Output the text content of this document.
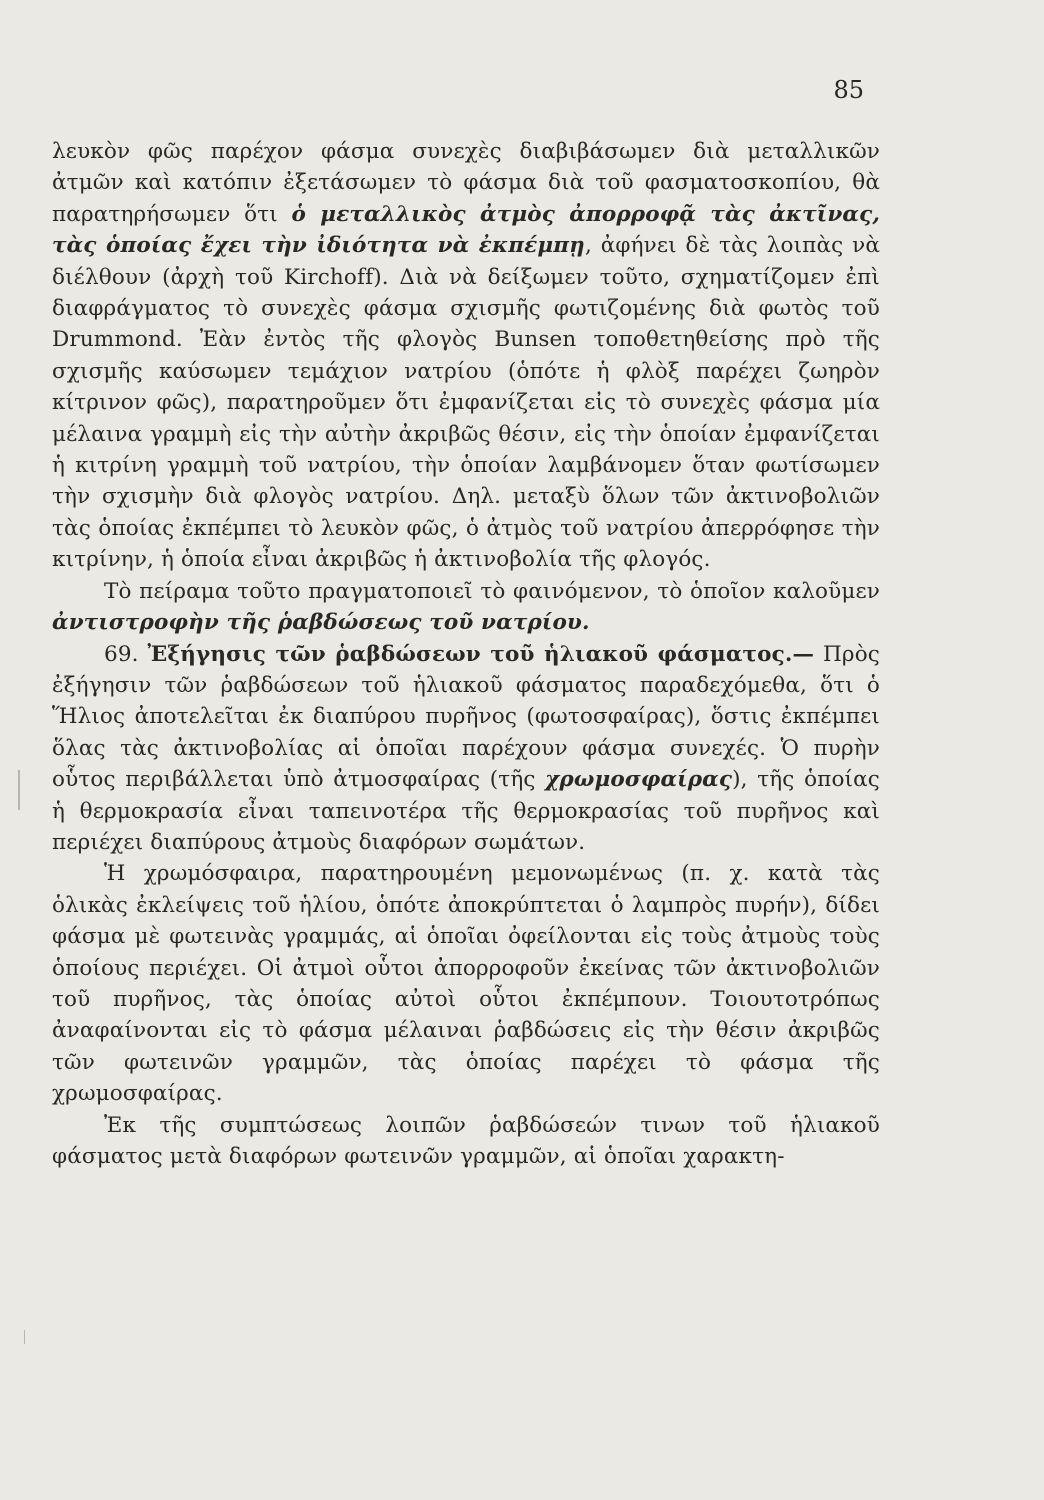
85

λευκὸν φῶς παρέχον φάσμα συνεχὲς διαβιβάσωμεν διὰ μεταλλικῶν ἀτμῶν καὶ κατόπιν ἐξετάσωμεν τὸ φάσμα διὰ τοῦ φασματοσκοπίου, θὰ παρατηρήσωμεν ὅτι ὁ μεταλλικὸς ἀτμὸς ἀπορροφᾷ τὰς ἀκτῖνας, τὰς ὁποίας ἔχει τὴν ἰδιότητα νὰ ἐκπέμπῃ, ἀφήνει δὲ τὰς λοιπὰς νὰ διέλθουν (ἀρχὴ τοῦ Kirchoff). Διὰ νὰ δείξωμεν τοῦτο, σχηματίζομεν ἐπὶ διαφράγματος τὸ συνεχὲς φάσμα σχισμῆς φωτιζομένης διὰ φωτὸς τοῦ Drummond. Ἐὰν ἐντὸς τῆς φλογὸς Bunsen τοποθετηθείσης πρὸ τῆς σχισμῆς καύσωμεν τεμάχιον νατρίου (ὁπότε ἡ φλὸξ παρέχει ζωηρὸν κίτρινον φῶς), παρατηροῦμεν ὅτι ἐμφανίζεται εἰς τὸ συνεχὲς φάσμα μία μέλαινα γραμμὴ εἰς τὴν αὐτὴν ἀκριβῶς θέσιν, εἰς τὴν ὁποίαν ἐμφανίζεται ἡ κιτρίνη γραμμὴ τοῦ νατρίου, τὴν ὁποίαν λαμβάνομεν ὅταν φωτίσωμεν τὴν σχισμὴν διὰ φλογὸς νατρίου. Δηλ. μεταξὺ ὅλων τῶν ἀκτινοβολιῶν τὰς ὁποίας ἐκπέμπει τὸ λευκὸν φῶς, ὁ ἀτμὸς τοῦ νατρίου ἀπερρόφησε τὴν κιτρίνην, ἡ ὁποία εἶναι ἀκριβῶς ἡ ἀκτινοβολία τῆς φλογός.

Τὸ πείραμα τοῦτο πραγματοποιεῖ τὸ φαινόμενον, τὸ ὁποῖον καλοῦμεν ἀντιστροφὴν τῆς ῥαβδώσεως τοῦ νατρίου.

69. Ἐξήγησις τῶν ῥαβδώσεων τοῦ ἡλιακοῦ φάσματος.— Πρὸς ἐξήγησιν τῶν ῥαβδώσεων τοῦ ἡλιακοῦ φάσματος παραδεχόμεθα, ὅτι ὁ Ἥλιος ἀποτελεῖται ἐκ διαπύρου πυρῆνος (φωτοσφαίρας), ὅστις ἐκπέμπει ὅλας τὰς ἀκτινοβολίας αἱ ὁποῖαι παρέχουν φάσμα συνεχές. Ὁ πυρὴν οὗτος περιβάλλεται ὑπὸ ἀτμοσφαίρας (τῆς χρωμοσφαίρας), τῆς ὁποίας ἡ θερμοκρασία εἶναι ταπεινοτέρα τῆς θερμοκρασίας τοῦ πυρῆνος καὶ περιέχει διαπύρους ἀτμοὺς διαφόρων σωμάτων.

Ἡ χρωμόσφαιρα, παρατηρουμένη μεμονωμένως (π. χ. κατὰ τὰς ὁλικὰς ἐκλείψεις τοῦ ἡλίου, ὁπότε ἀποκρύπτεται ὁ λαμπρὸς πυρήν), δίδει φάσμα μὲ φωτεινὰς γραμμάς, αἱ ὁποῖαι ὀφείλονται εἰς τοὺς ἀτμοὺς τοὺς ὁποίους περιέχει. Οἱ ἀτμοὶ οὗτοι ἀπορροφοῦν ἐκείνας τῶν ἀκτινοβολιῶν τοῦ πυρῆνος, τὰς ὁποίας αὐτοὶ οὗτοι ἐκπέμπουν. Τοιουτοτρόπως ἀναφαίνονται εἰς τὸ φάσμα μέλαιναι ῥαβδώσεις εἰς τὴν θέσιν ἀκριβῶς τῶν φωτεινῶν γραμμῶν, τὰς ὁποίας παρέχει τὸ φάσμα τῆς χρωμοσφαίρας.

Ἐκ τῆς συμπτώσεως λοιπῶν ῥαβδώσεών τινων τοῦ ἡλιακοῦ φάσματος μετὰ διαφόρων φωτεινῶν γραμμῶν, αἱ ὁποῖαι χαρακτη-
